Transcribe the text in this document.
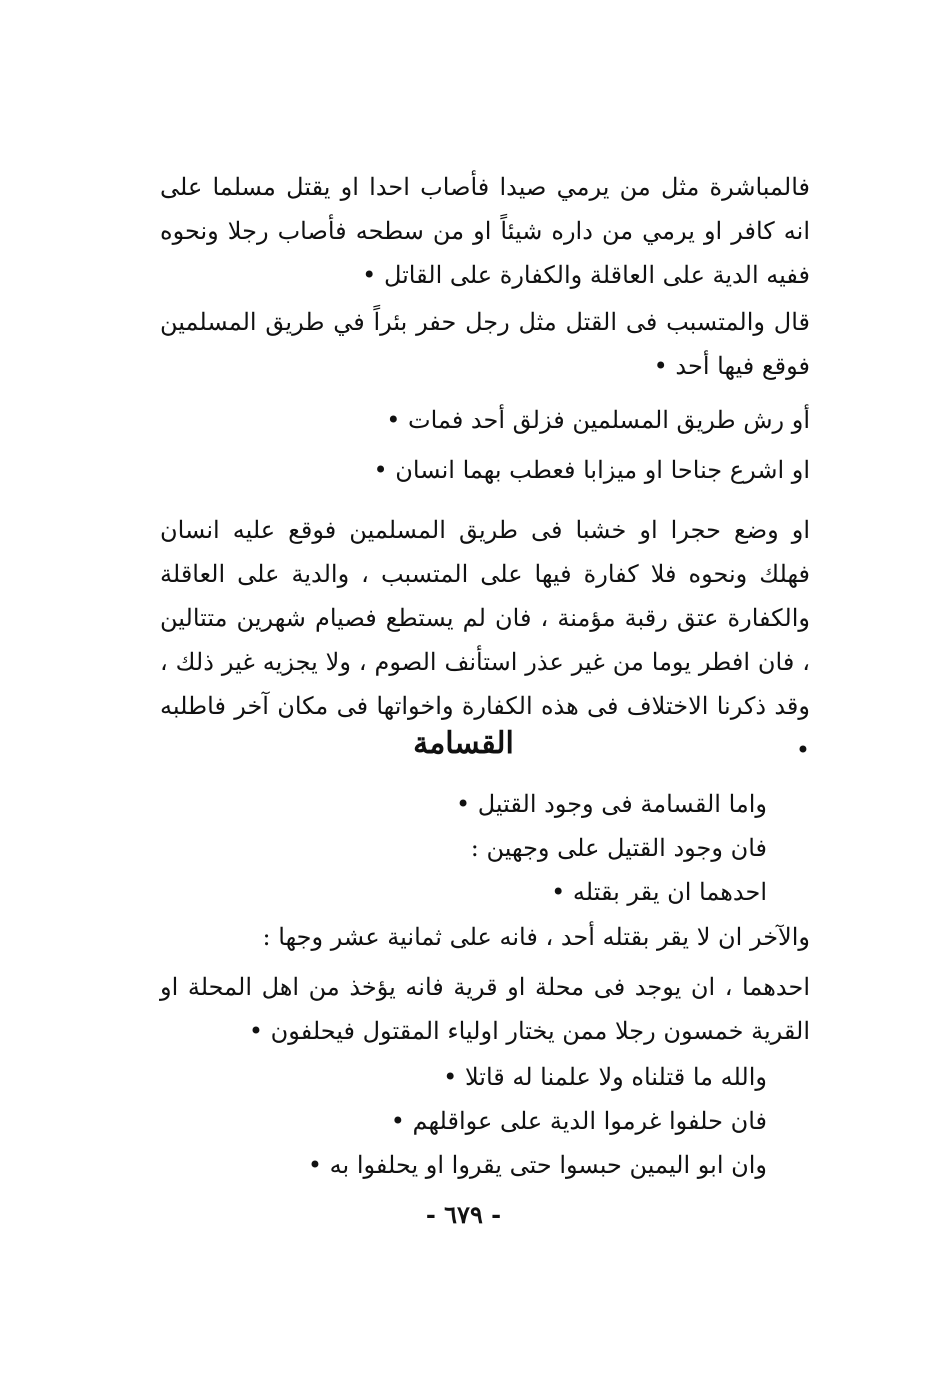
فالمباشرة مثل من يرمي صيدا فأصاب احدا او يقتل مسلما على انه كافر او يرمي من داره شيئاً او من سطحه فأصاب رجلا ونحوه ففيه الدية على العاقلة والكفارة على القاتل •

قال والمتسبب فى القتل مثل رجل حفر بئراً في طريق المسلمين فوقع فيها أحد •

أو رش طريق المسلمين فزلق أحد فمات •

او اشرع جناحا او ميزابا فعطب بهما انسان •

او وضع حجرا او خشبا فى طريق المسلمين فوقع عليه انسان فهلك ونحوه فلا كفارة فيها على المتسبب ، والدية على العاقلة والكفارة عتق رقبة مؤمنة ، فان لم يستطع فصيام شهرين متتالين ، فان افطر يوما من غير عذر استأنف الصوم ، ولا يجزيه غير ذلك ، وقد ذكرنا الاختلاف فى هذه الكفارة واخواتها فى مكان آخر فاطلبه •

القسامة
واما القسامة فى وجود القتيل •
فان وجود القتيل على وجهين :
احدهما ان يقر بقتله •

والآخر ان لا يقر بقتله أحد ، فانه على ثمانية عشر وجها :

احدهما ، ان يوجد فى محلة او قرية فانه يؤخذ من اهل المحلة او القرية خمسون رجلا ممن يختار اولياء المقتول فيحلفون •

والله ما قتلناه ولا علمنا له قاتلا •
فان حلفوا غرموا الدية على عواقلهم •
وان ابو اليمين حبسوا حتى يقروا او يحلفوا به •
- ٦٧٩ -
